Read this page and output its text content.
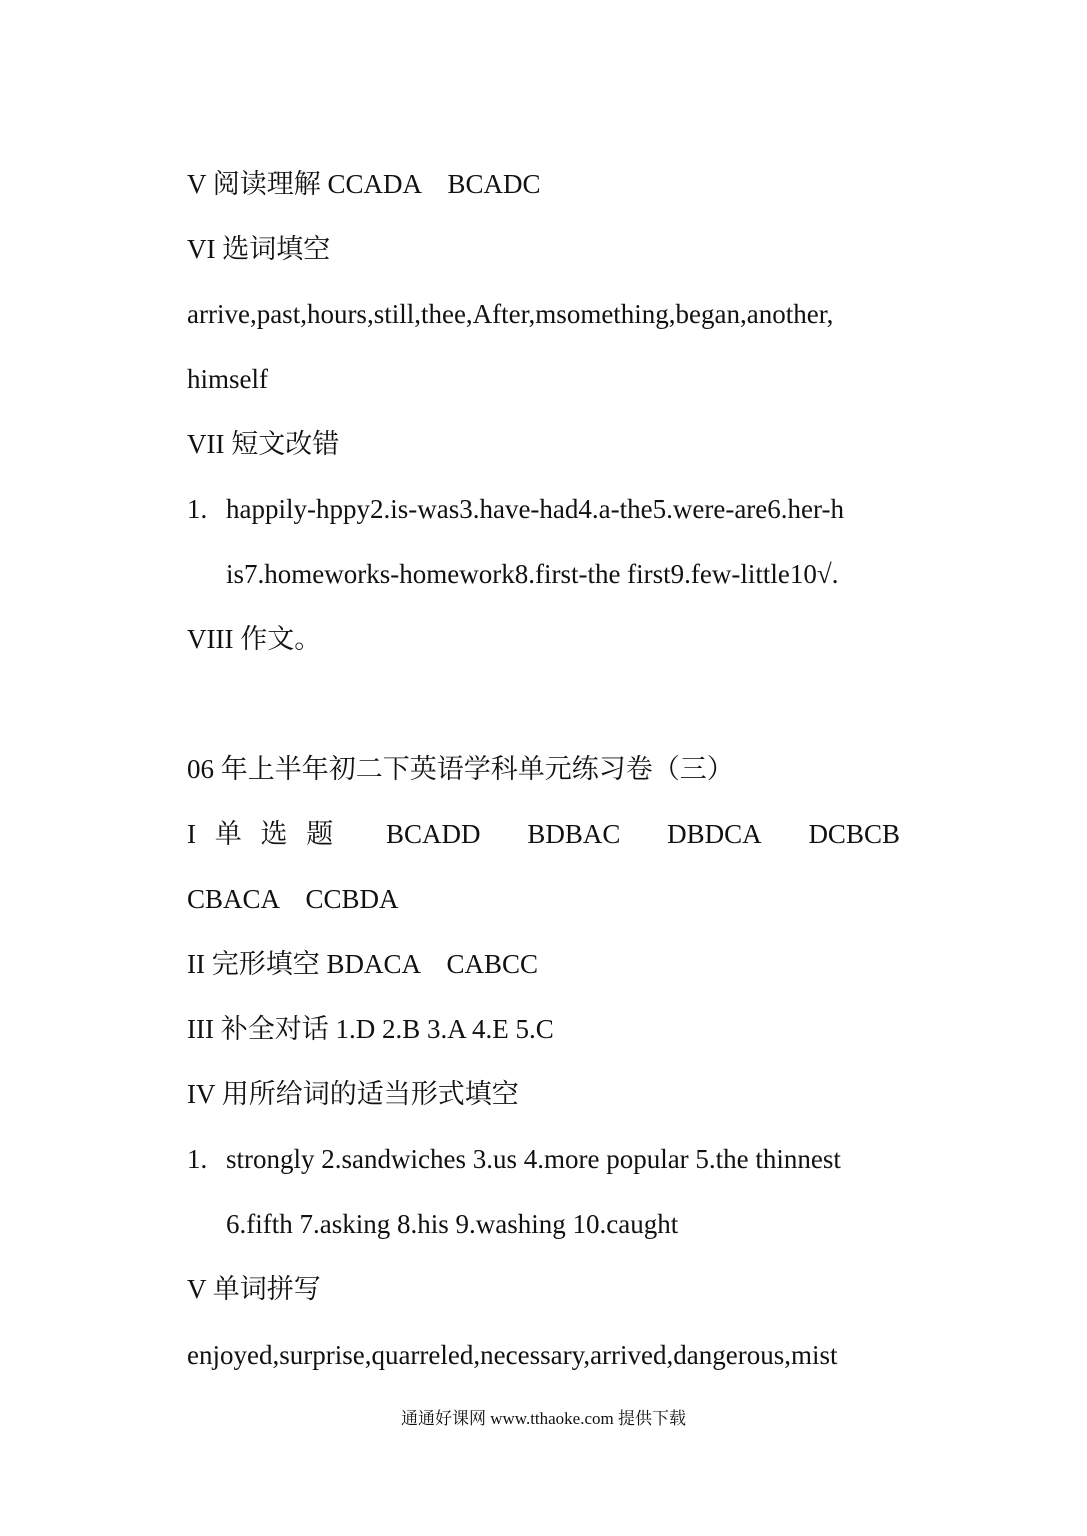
V 阅读理解 CCADA　BCADC
VI 选词填空
arrive,past,hours,still,thee,After,msomething,began,another,
himself
VII 短文改错
1. happily-hppy2.is-was3.have-had4.a-the5.were-are6.her-h
is7.homeworks-homework8.first-the first9.few-little10√.
VIII 作文。
06 年上半年初二下英语学科单元练习卷（三）
I 单 选 题 BCADD BDBAC DBDCA DCBCB
CBACA　CCBDA
II 完形填空 BDACA　CABCC
III 补全对话 1.D 2.B 3.A 4.E 5.C
IV 用所给词的适当形式填空
1. strongly 2.sandwiches 3.us 4.more popular 5.the thinnest
6.fifth 7.asking 8.his 9.washing 10.caught
V 单词拼写
enjoyed,surprise,quarreled,necessary,arrived,dangerous,mist
通通好课网 www.tthaoke.com 提供下载
